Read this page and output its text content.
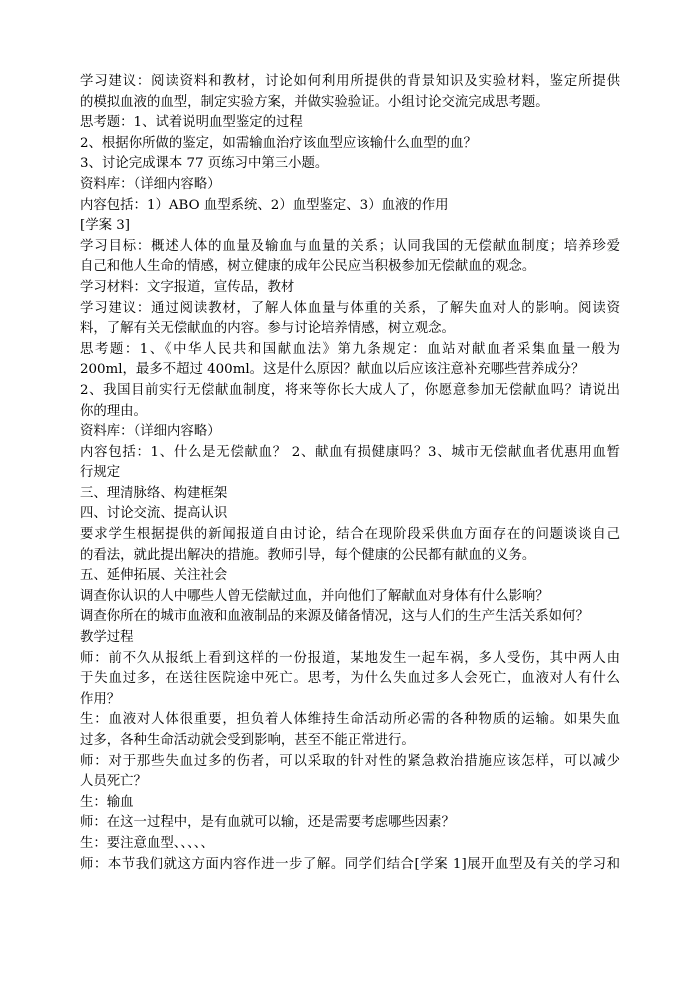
学习建议：阅读资料和教材，讨论如何利用所提供的背景知识及实验材料，鉴定所提供

的模拟血液的血型，制定实验方案，并做实验验证。小组讨论交流完成思考题。

思考题：1、试着说明血型鉴定的过程

2、根据你所做的鉴定，如需输血治疗该血型应该输什么血型的血？

3、讨论完成课本 77 页练习中第三小题。

资料库：（详细内容略）

内容包括：1）ABO 血型系统、2）血型鉴定、3）血液的作用

[学案 3]

学习目标：概述人体的血量及输血与血量的关系；认同我国的无偿献血制度；培养珍爱

自己和他人生命的情感，树立健康的成年公民应当积极参加无偿献血的观念。

学习材料：文字报道，宣传品，教材

学习建议：通过阅读教材，了解人体血量与体重的关系，了解失血对人的影响。阅读资

料，了解有关无偿献血的内容。参与讨论培养情感，树立观念。

思考题：1、《中华人民共和国献血法》第九条规定：血站对献血者采集血量一般为

200ml，最多不超过 400ml。这是什么原因？献血以后应该注意补充哪些营养成分？

2、我国目前实行无偿献血制度，将来等你长大成人了，你愿意参加无偿献血吗？请说出

你的理由。

资料库：（详细内容略）

内容包括：1、什么是无偿献血？ 2、献血有损健康吗？3、城市无偿献血者优惠用血暂

行规定

三、理清脉络、构建框架

四、讨论交流、提高认识

要求学生根据提供的新闻报道自由讨论，结合在现阶段采供血方面存在的问题谈谈自己

的看法，就此提出解决的措施。教师引导，每个健康的公民都有献血的义务。

五、延伸拓展、关注社会

调查你认识的人中哪些人曾无偿献过血，并向他们了解献血对身体有什么影响？

调查你所在的城市血液和血液制品的来源及储备情况，这与人们的生产生活关系如何？

教学过程

师：前不久从报纸上看到这样的一份报道，某地发生一起车祸，多人受伤，其中两人由

于失血过多，在送往医院途中死亡。思考，为什么失血过多人会死亡，血液对人有什么

作用？

生：血液对人体很重要，担负着人体维持生命活动所必需的各种物质的运输。如果失血

过多，各种生命活动就会受到影响，甚至不能正常进行。

师：对于那些失血过多的伤者，可以采取的针对性的紧急救治措施应该怎样，可以减少

人员死亡？

生：输血

师：在这一过程中，是有血就可以输，还是需要考虑哪些因素？

生：要注意血型、、、、、

师：本节我们就这方面内容作进一步了解。同学们结合[学案 1]展开血型及有关的学习和
